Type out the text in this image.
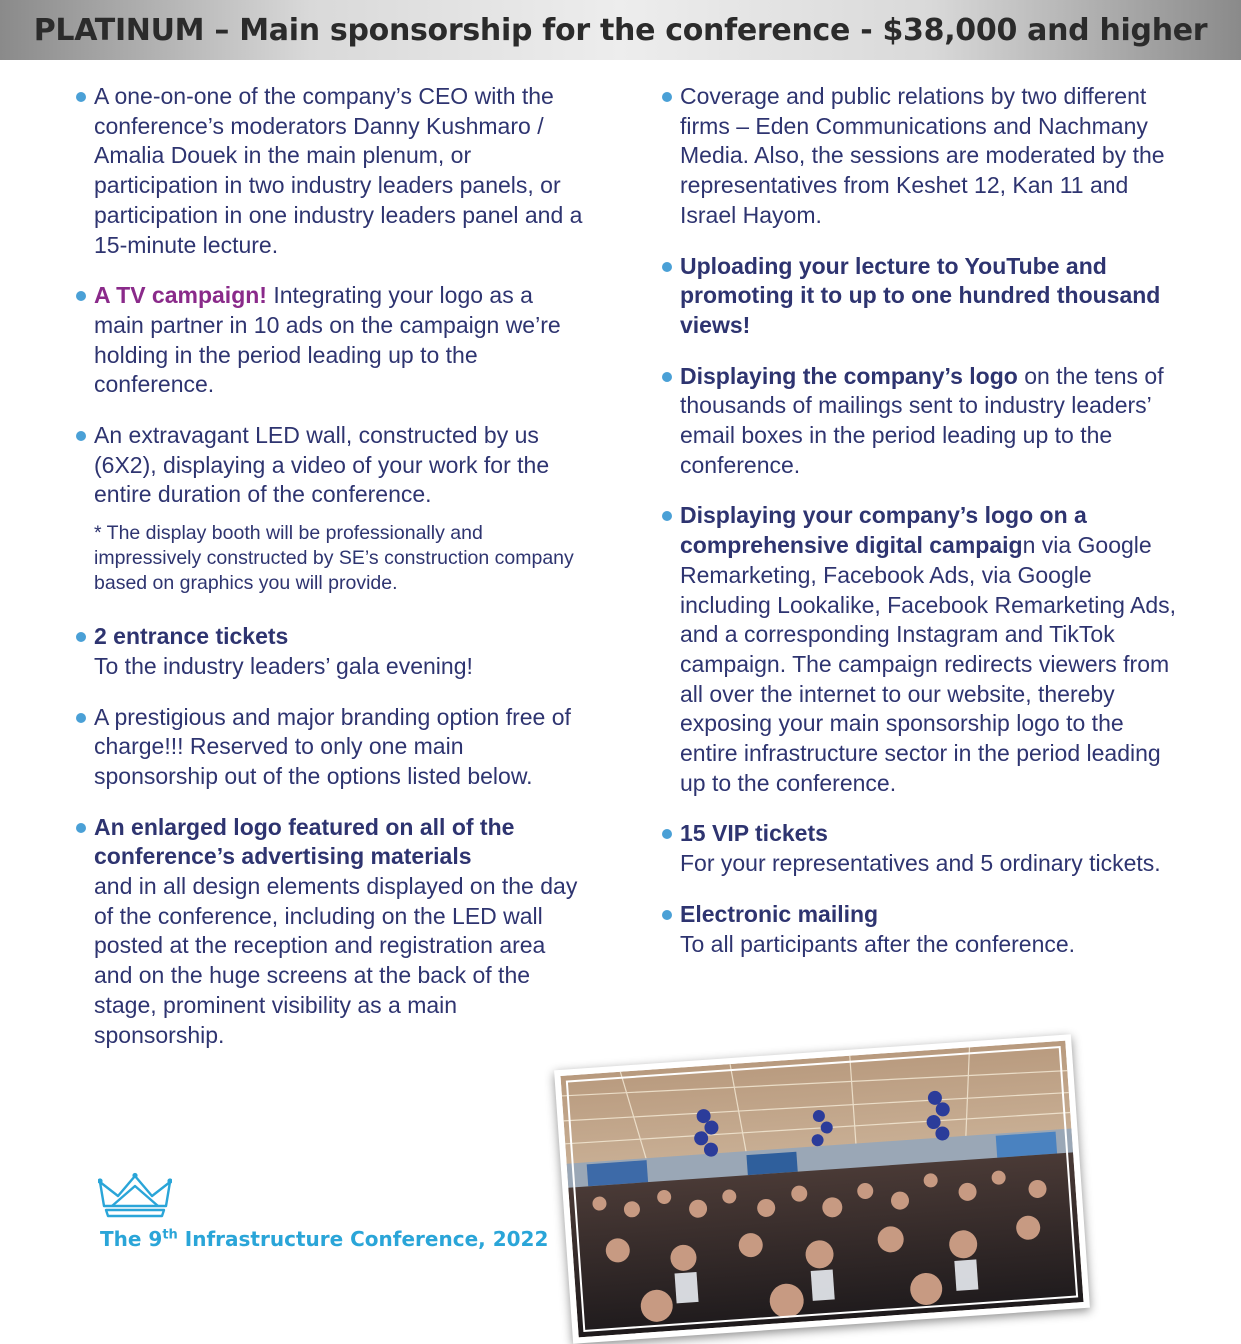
PLATINUM – Main sponsorship for the conference - $38,000 and higher
A one-on-one of the company’s CEO with the conference’s moderators Danny Kushmaro / Amalia Douek in the main plenum, or participation in two industry leaders panels, or participation in one industry leaders panel and a 15-minute lecture.
A TV campaign! Integrating your logo as a main partner in 10 ads on the campaign we’re holding in the period leading up to the conference.
An extravagant LED wall, constructed by us (6X2), displaying a video of your work for the entire duration of the conference.
* The display booth will be professionally and impressively constructed by SE’s construction company based on graphics you will provide.
2 entrance tickets
To the industry leaders’ gala evening!
A prestigious and major branding option free of charge!!! Reserved to only one main sponsorship out of the options listed below.
An enlarged logo featured on all of the conference’s advertising materials
and in all design elements displayed on the day of the conference, including on the LED wall posted at the reception and registration area and on the huge screens at the back of the stage, prominent visibility as a main sponsorship.
Coverage and public relations by two different firms – Eden Communications and Nachmany Media. Also, the sessions are moderated by the representatives from Keshet 12, Kan 11 and Israel Hayom.
Uploading your lecture to YouTube and promoting it to up to one hundred thousand views!
Displaying the company’s logo on the tens of thousands of mailings sent to industry leaders’ email boxes in the period leading up to the conference.
Displaying your company’s logo on a comprehensive digital campaign via Google Remarketing, Facebook Ads, via Google including Lookalike, Facebook Remarketing Ads, and a corresponding Instagram and TikTok campaign. The campaign redirects viewers from all over the internet to our website, thereby exposing your main sponsorship logo to the entire infrastructure sector in the period leading up to the conference.
15 VIP tickets
For your representatives and 5 ordinary tickets.
Electronic mailing
To all participants after the conference.
The 9th Infrastructure Conference, 2022
